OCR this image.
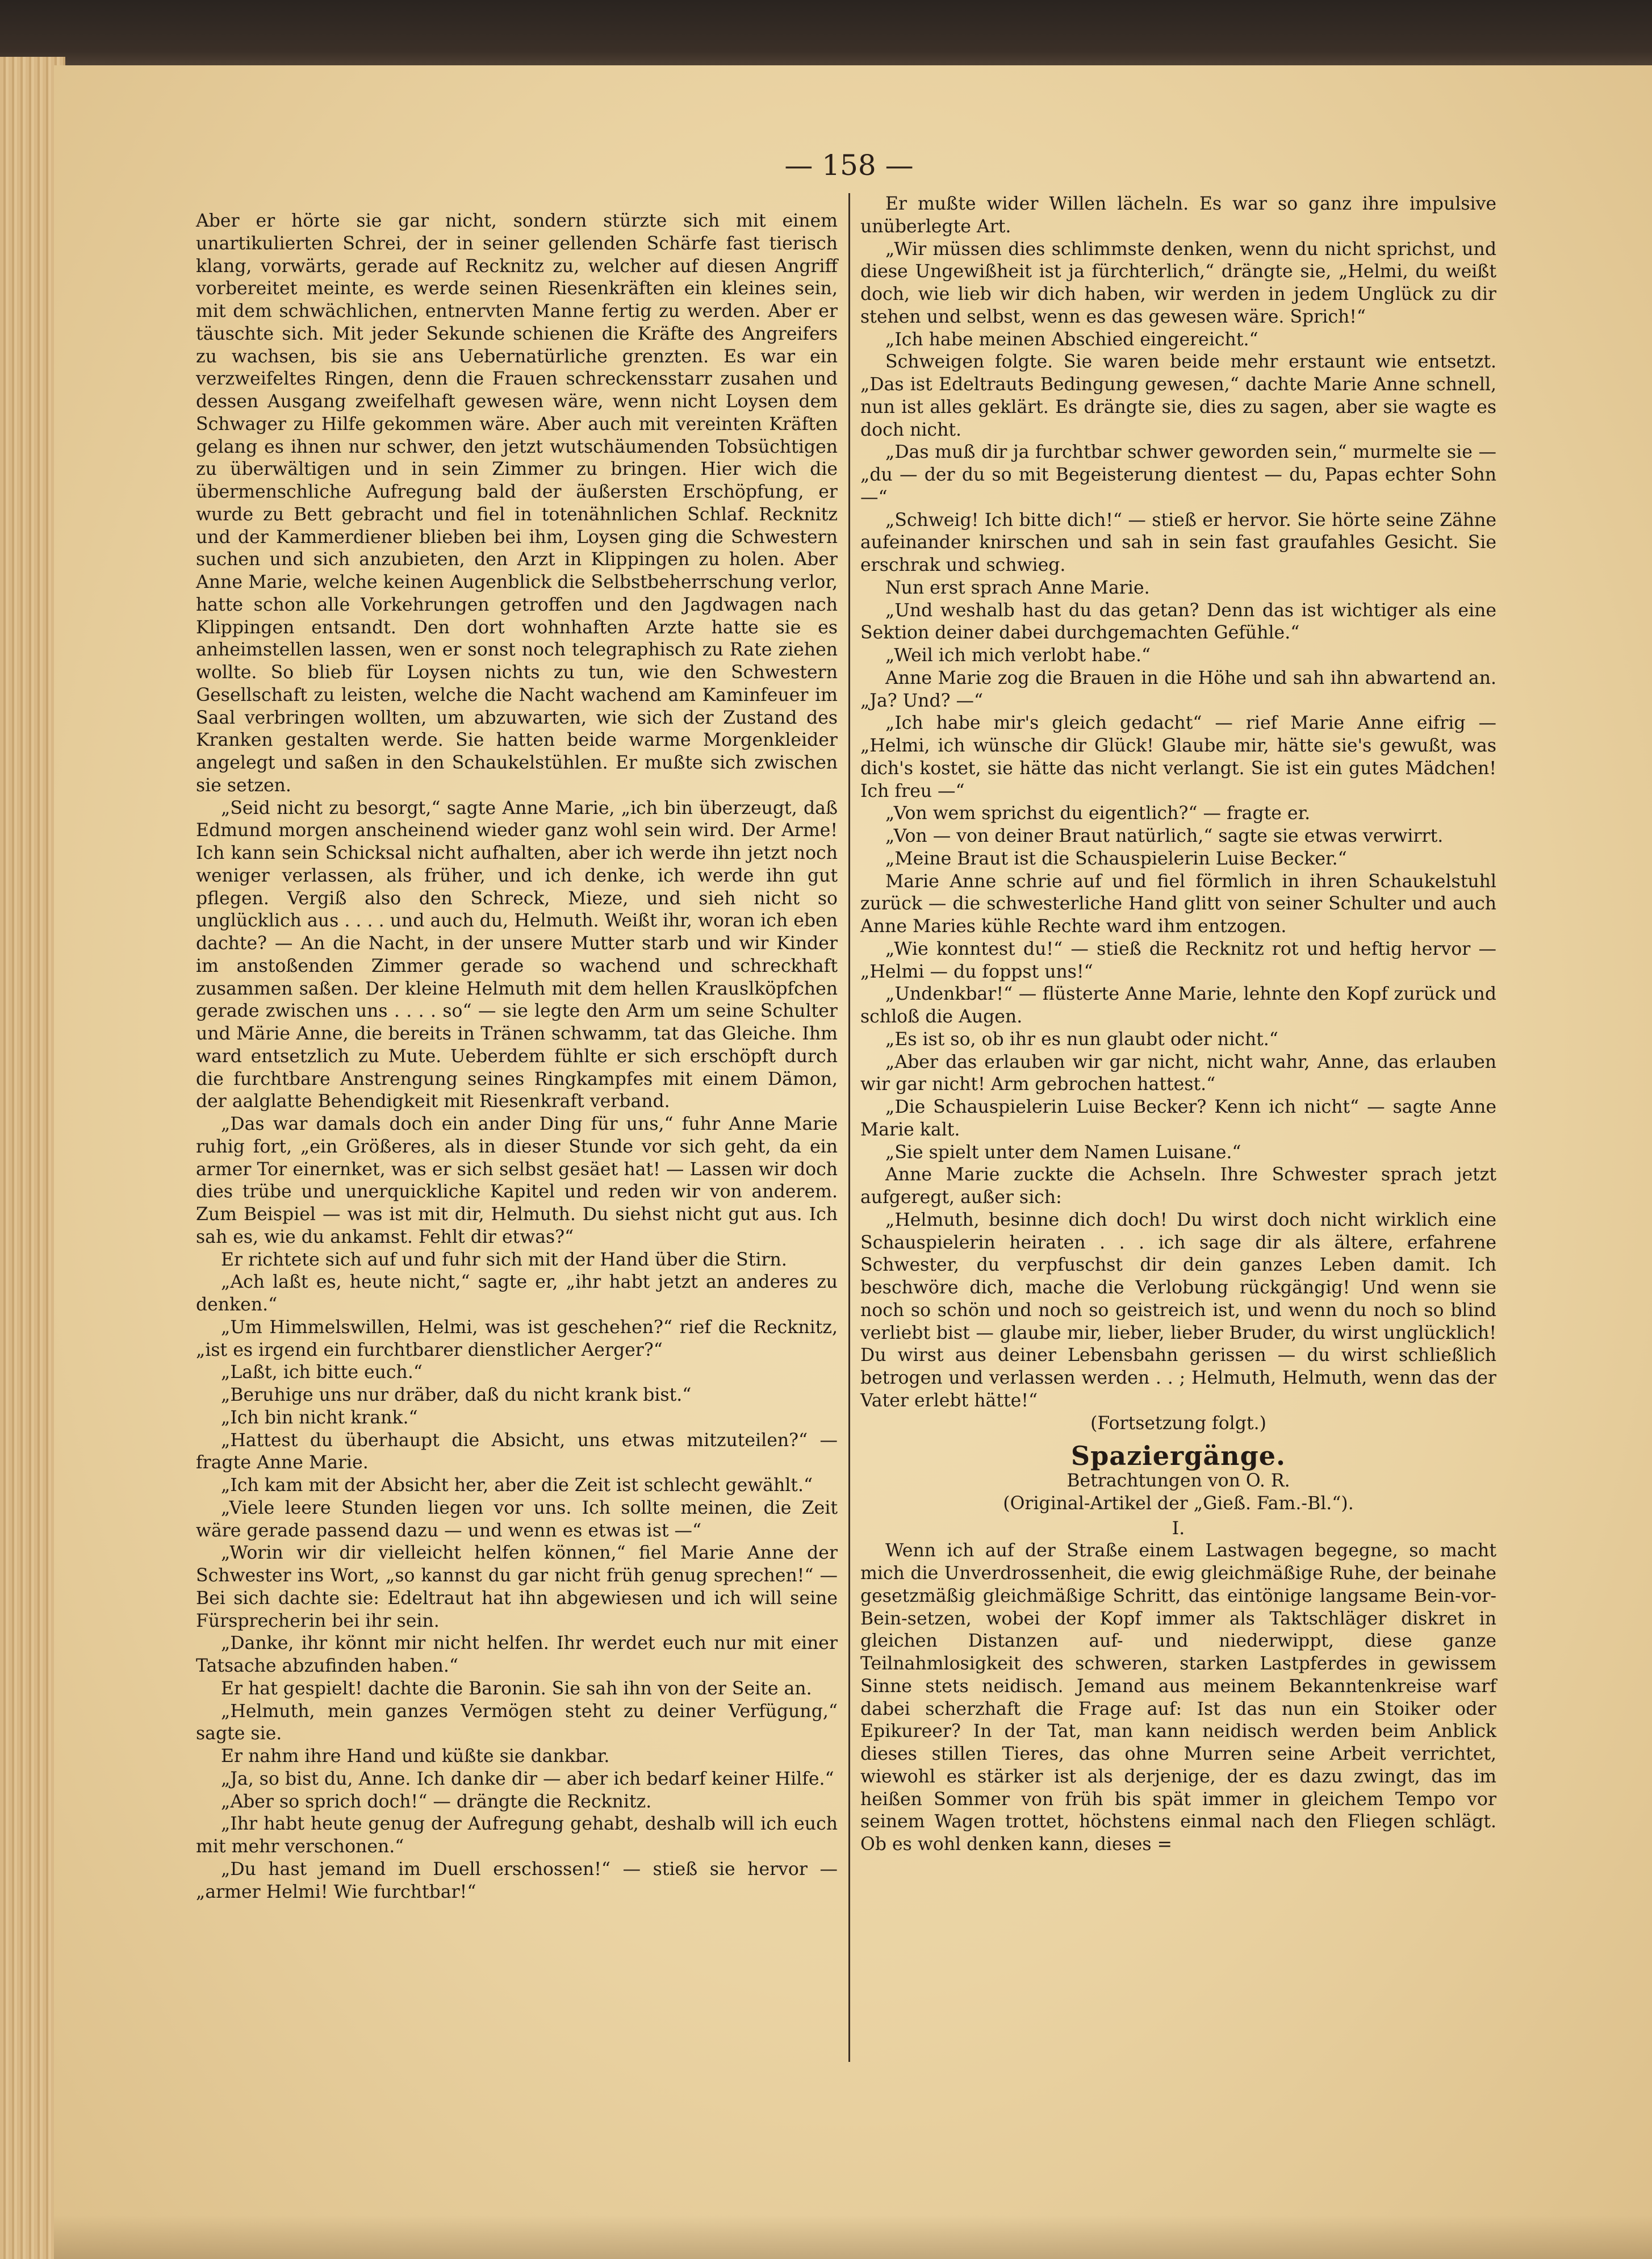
— 158 —

Aber er hörte sie gar nicht, sondern stürzte sich mit einem unartikulierten Schrei, der in seiner gellenden Schärfe fast tierisch klang, vorwärts, gerade auf Recknitz zu, welcher auf diesen Angriff vorbereitet meinte, es werde seinen Riesenkräften ein kleines sein, mit dem schwächlichen, entnervten Manne fertig zu werden. Aber er täuschte sich. Mit jeder Sekunde schienen die Kräfte des Angreifers zu wachsen, bis sie ans Uebernatürliche grenzten. Es war ein verzweifeltes Ringen, denn die Frauen schreckensstarr zusahen und dessen Ausgang zweifelhaft gewesen wäre, wenn nicht Loysen dem Schwager zu Hilfe gekommen wäre. Aber auch mit vereinten Kräften gelang es ihnen nur schwer, den jetzt wutschäumenden Tobsüchtigen zu überwältigen und in sein Zimmer zu bringen. Hier wich die übermenschliche Aufregung bald der äußersten Erschöpfung, er wurde zu Bett gebracht und fiel in totenähnlichen Schlaf. Recknitz und der Kammerdiener blieben bei ihm, Loysen ging die Schwestern suchen und sich anzubieten, den Arzt in Klippingen zu holen. Aber Anne Marie, welche keinen Augenblick die Selbstbeherrschung verlor, hatte schon alle Vorkehrungen getroffen und den Jagdwagen nach Klippingen entsandt. Den dort wohnhaften Arzte hatte sie es anheimstellen lassen, wen er sonst noch telegraphisch zu Rate ziehen wollte. So blieb für Loysen nichts zu tun, wie den Schwestern Gesellschaft zu leisten, welche die Nacht wachend am Kaminfeuer im Saal verbringen wollten, um abzuwarten, wie sich der Zustand des Kranken gestalten werde. Sie hatten beide warme Morgenkleider angelegt und saßen in den Schaukelstühlen. Er mußte sich zwischen sie setzen.

„Seid nicht zu besorgt,“ sagte Anne Marie, „ich bin überzeugt, daß Edmund morgen anscheinend wieder ganz wohl sein wird. Der Arme! Ich kann sein Schicksal nicht aufhalten, aber ich werde ihn jetzt noch weniger verlassen, als früher, und ich denke, ich werde ihn gut pflegen. Vergiß also den Schreck, Mieze, und sieh nicht so unglücklich aus . . . . und auch du, Helmuth. Weißt ihr, woran ich eben dachte? — An die Nacht, in der unsere Mutter starb und wir Kinder im anstoßenden Zimmer gerade so wachend und schreckhaft zusammen saßen. Der kleine Helmuth mit dem hellen Krauslköpfchen gerade zwischen uns . . . . so“ — sie legte den Arm um seine Schulter und Märie Anne, die bereits in Tränen schwamm, tat das Gleiche. Ihm ward entsetzlich zu Mute. Ueberdem fühlte er sich erschöpft durch die furchtbare Anstrengung seines Ringkampfes mit einem Dämon, der aalglatte Behendigkeit mit Riesenkraft verband.

„Das war damals doch ein ander Ding für uns,“ fuhr Anne Marie ruhig fort, „ein Größeres, als in dieser Stunde vor sich geht, da ein armer Tor einernket, was er sich selbst gesäet hat! — Lassen wir doch dies trübe und unerquickliche Kapitel und reden wir von anderem. Zum Beispiel — was ist mit dir, Helmuth. Du siehst nicht gut aus. Ich sah es, wie du ankamst. Fehlt dir etwas?“

Er richtete sich auf und fuhr sich mit der Hand über die Stirn.

„Ach laßt es, heute nicht,“ sagte er, „ihr habt jetzt an anderes zu denken.“

„Um Himmelswillen, Helmi, was ist geschehen?“ rief die Recknitz, „ist es irgend ein furchtbarer dienstlicher Aerger?“

„Laßt, ich bitte euch.“

„Beruhige uns nur dräber, daß du nicht krank bist.“

„Ich bin nicht krank.“

„Hattest du überhaupt die Absicht, uns etwas mitzuteilen?“ — fragte Anne Marie.

„Ich kam mit der Absicht her, aber die Zeit ist schlecht gewählt.“

„Viele leere Stunden liegen vor uns. Ich sollte meinen, die Zeit wäre gerade passend dazu — und wenn es etwas ist —“

„Worin wir dir vielleicht helfen können,“ fiel Marie Anne der Schwester ins Wort, „so kannst du gar nicht früh genug sprechen!“ — Bei sich dachte sie: Edeltraut hat ihn abgewiesen und ich will seine Fürsprecherin bei ihr sein.

„Danke, ihr könnt mir nicht helfen. Ihr werdet euch nur mit einer Tatsache abzufinden haben.“

Er hat gespielt! dachte die Baronin. Sie sah ihn von der Seite an.

„Helmuth, mein ganzes Vermögen steht zu deiner Verfügung,“ sagte sie.

Er nahm ihre Hand und küßte sie dankbar.

„Ja, so bist du, Anne. Ich danke dir — aber ich bedarf keiner Hilfe.“

„Aber so sprich doch!“ — drängte die Recknitz.

„Ihr habt heute genug der Aufregung gehabt, deshalb will ich euch mit mehr verschonen.“

„Du hast jemand im Duell erschossen!“ — stieß sie hervor — „armer Helmi! Wie furchtbar!“

Er mußte wider Willen lächeln. Es war so ganz ihre impulsive unüberlegte Art.

„Wir müssen dies schlimmste denken, wenn du nicht sprichst, und diese Ungewißheit ist ja fürchterlich,“ drängte sie, „Helmi, du weißt doch, wie lieb wir dich haben, wir werden in jedem Unglück zu dir stehen und selbst, wenn es das gewesen wäre. Sprich!“

„Ich habe meinen Abschied eingereicht.“

Schweigen folgte. Sie waren beide mehr erstaunt wie entsetzt. „Das ist Edeltrauts Bedingung gewesen,“ dachte Marie Anne schnell, nun ist alles geklärt. Es drängte sie, dies zu sagen, aber sie wagte es doch nicht.

„Das muß dir ja furchtbar schwer geworden sein,“ murmelte sie — „du — der du so mit Begeisterung dientest — du, Papas echter Sohn —“

„Schweig! Ich bitte dich!“ — stieß er hervor. Sie hörte seine Zähne aufeinander knirschen und sah in sein fast graufahles Gesicht. Sie erschrak und schwieg.

Nun erst sprach Anne Marie.

„Und weshalb hast du das getan? Denn das ist wichtiger als eine Sektion deiner dabei durchgemachten Gefühle.“

„Weil ich mich verlobt habe.“

Anne Marie zog die Brauen in die Höhe und sah ihn abwartend an. „Ja? Und? —“

„Ich habe mir's gleich gedacht“ — rief Marie Anne eifrig — „Helmi, ich wünsche dir Glück! Glaube mir, hätte sie's gewußt, was dich's kostet, sie hätte das nicht verlangt. Sie ist ein gutes Mädchen! Ich freu —“

„Von wem sprichst du eigentlich?“ — fragte er.

„Von — von deiner Braut natürlich,“ sagte sie etwas verwirrt.

„Meine Braut ist die Schauspielerin Luise Becker.“

Marie Anne schrie auf und fiel förmlich in ihren Schaukelstuhl zurück — die schwesterliche Hand glitt von seiner Schulter und auch Anne Maries kühle Rechte ward ihm entzogen.

„Wie konntest du!“ — stieß die Recknitz rot und heftig hervor — „Helmi — du foppst uns!“

„Undenkbar!“ — flüsterte Anne Marie, lehnte den Kopf zurück und schloß die Augen.

„Es ist so, ob ihr es nun glaubt oder nicht.“

„Aber das erlauben wir gar nicht, nicht wahr, Anne, das erlauben wir gar nicht! Arm gebrochen hattest.“

„Die Schauspielerin Luise Becker? Kenn ich nicht“ — sagte Anne Marie kalt.

„Sie spielt unter dem Namen Luisane.“

Anne Marie zuckte die Achseln. Ihre Schwester sprach jetzt aufgeregt, außer sich:

„Helmuth, besinne dich doch! Du wirst doch nicht wirklich eine Schauspielerin heiraten . . . ich sage dir als ältere, erfahrene Schwester, du verpfuschst dir dein ganzes Leben damit. Ich beschwöre dich, mache die Verlobung rückgängig! Und wenn sie noch so schön und noch so geistreich ist, und wenn du noch so blind verliebt bist — glaube mir, lieber, lieber Bruder, du wirst unglücklich! Du wirst aus deiner Lebensbahn gerissen — du wirst schließlich betrogen und verlassen werden . . ; Helmuth, Helmuth, wenn das der Vater erlebt hätte!“

(Fortsetzung folgt.)

Spaziergänge.

Betrachtungen von O. R.

(Original-Artikel der „Gieß. Fam.-Bl.“).

I.

Wenn ich auf der Straße einem Lastwagen begegne, so macht mich die Unverdrossenheit, die ewig gleichmäßige Ruhe, der beinahe gesetzmäßig gleichmäßige Schritt, das eintönige langsame Bein-vor-Bein-setzen, wobei der Kopf immer als Taktschläger diskret in gleichen Distanzen auf- und niederwippt, diese ganze Teilnahmlosigkeit des schweren, starken Lastpferdes in gewissem Sinne stets neidisch. Jemand aus meinem Bekanntenkreise warf dabei scherzhaft die Frage auf: Ist das nun ein Stoiker oder Epikureer? In der Tat, man kann neidisch werden beim Anblick dieses stillen Tieres, das ohne Murren seine Arbeit verrichtet, wiewohl es stärker ist als derjenige, der es dazu zwingt, das im heißen Sommer von früh bis spät immer in gleichem Tempo vor seinem Wagen trottet, höchstens einmal nach den Fliegen schlägt. Ob es wohl denken kann, dieses =
